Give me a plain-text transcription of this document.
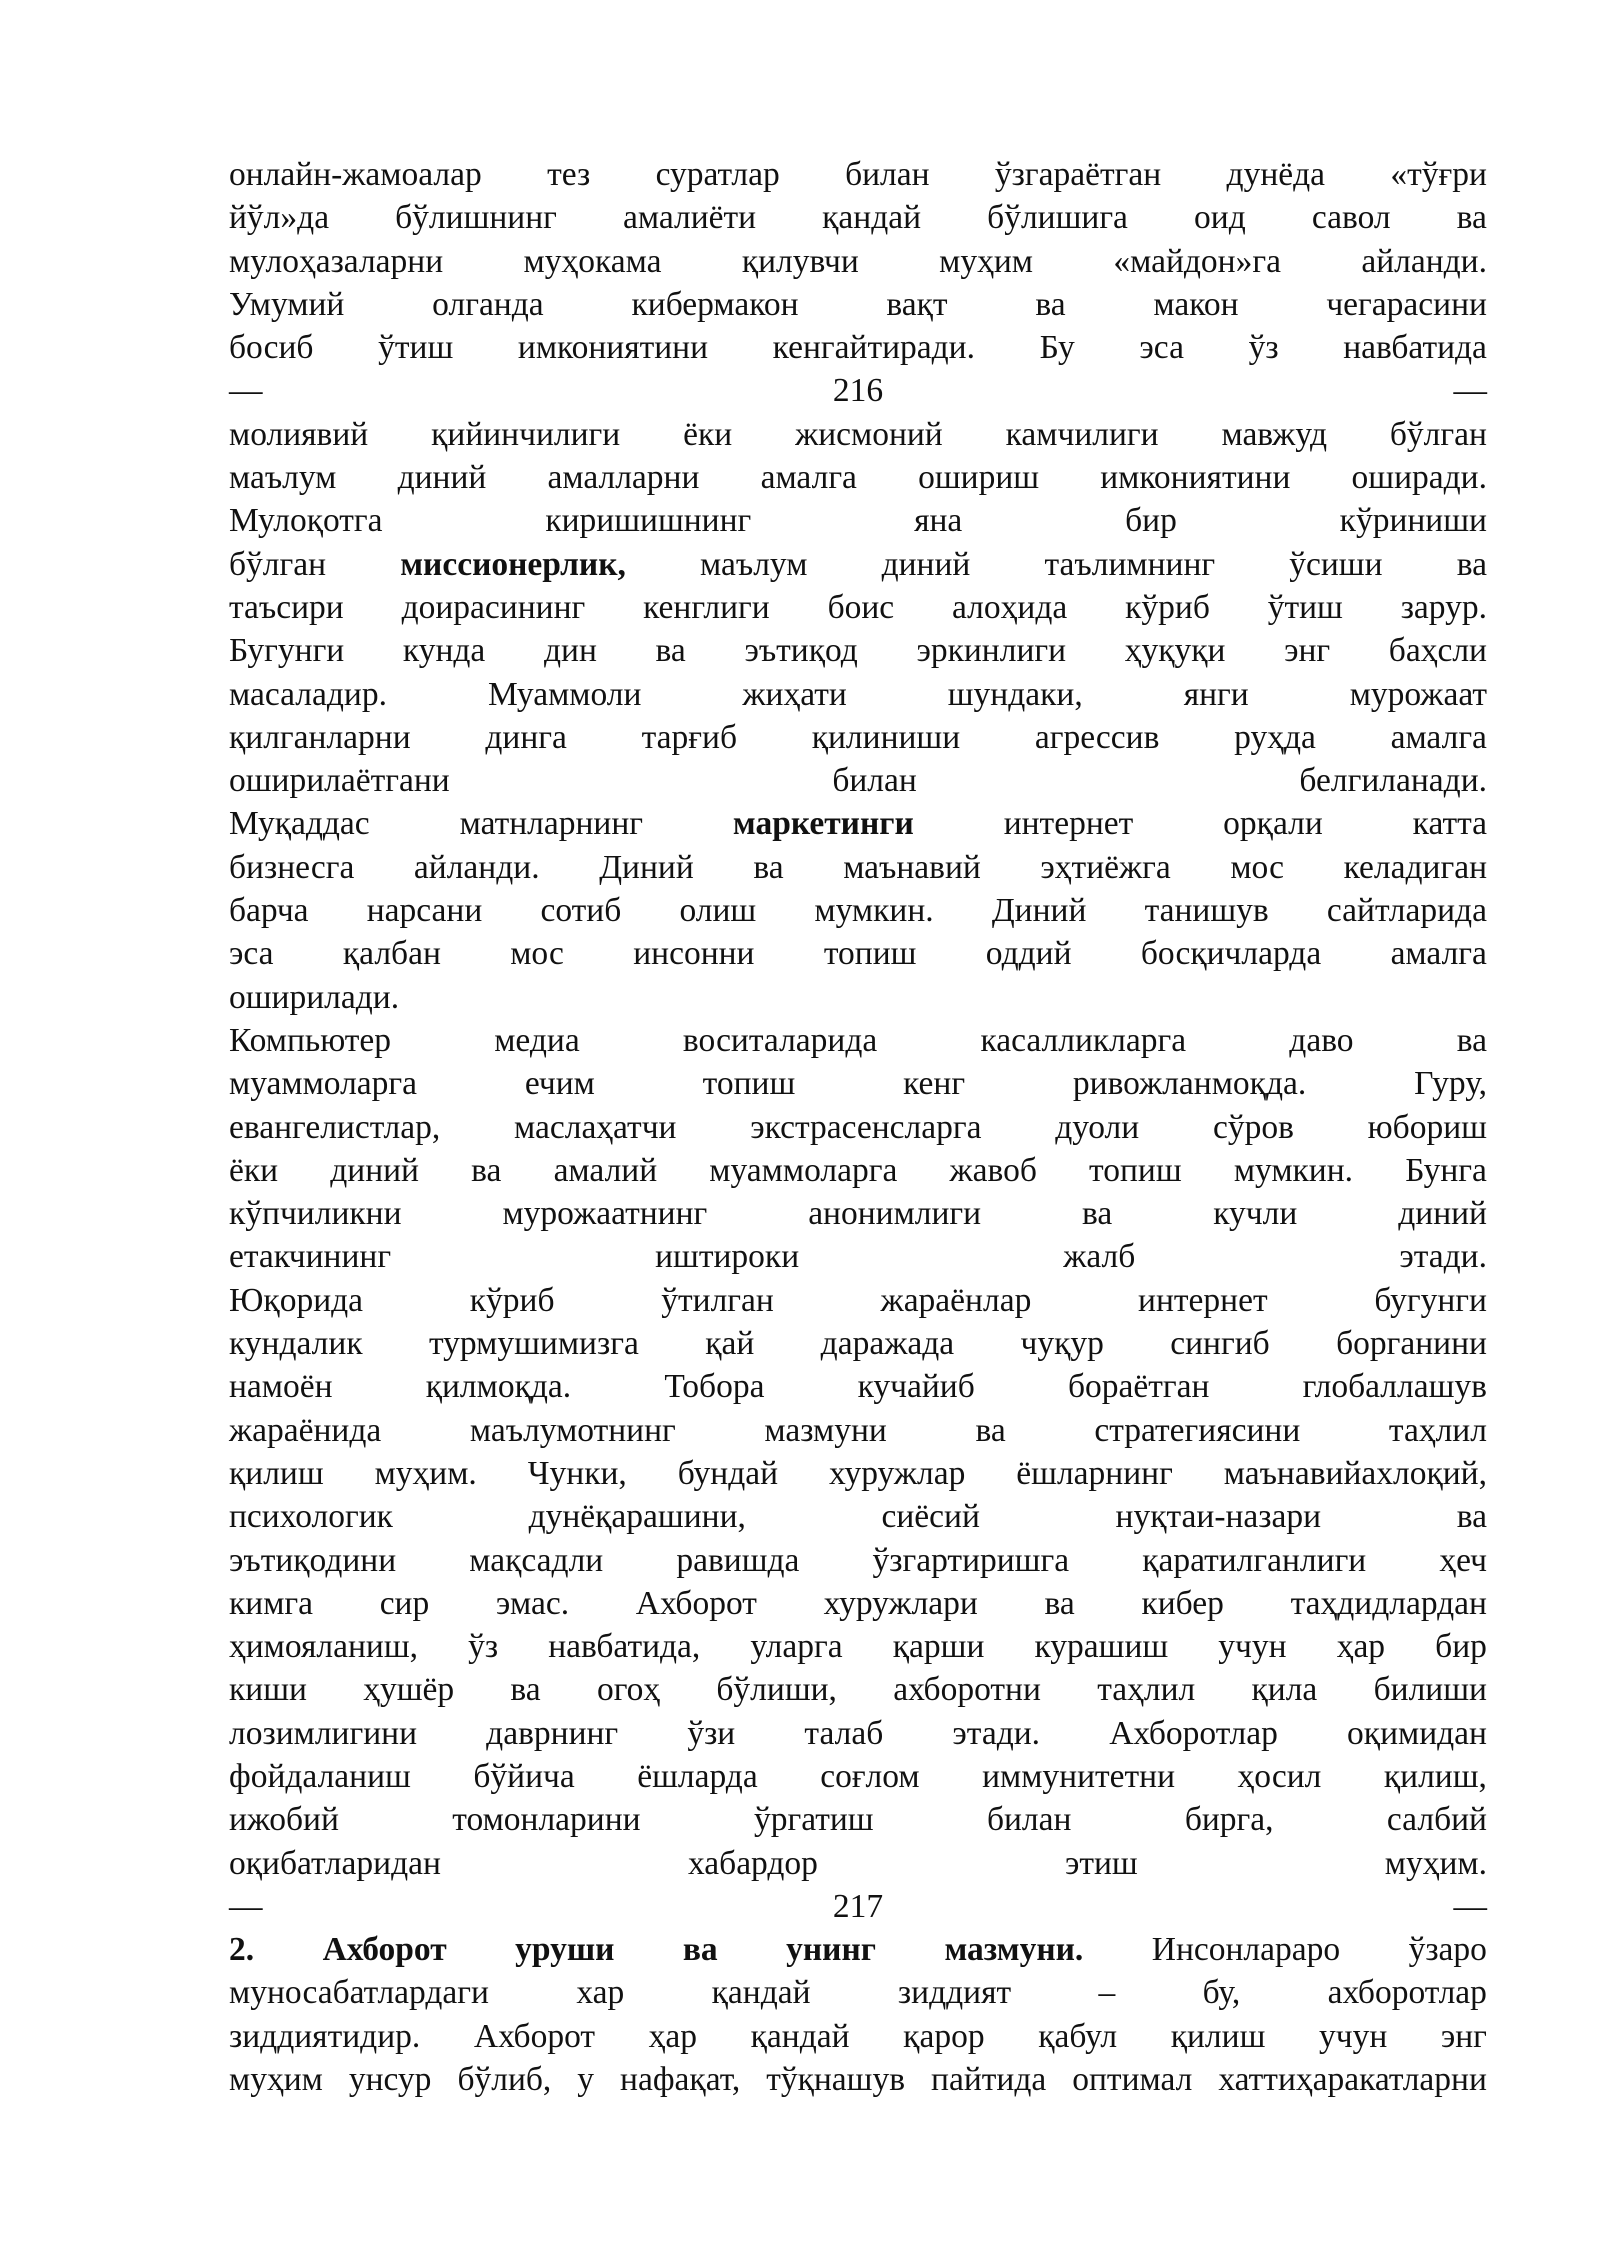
онлайн-жамоалар тез суратлар билан ўзгараётган дунёда «тўғри
йўл»да бўлишнинг амалиёти қандай бўлишига оид савол ва
мулоҳазаларни муҳокама қилувчи муҳим «майдон»га айланди.
Умумий	олганда	кибермакон	вақт	ва	макон	чегарасини
босиб ўтиш имкониятини кенгайтиради. Бу эса ўз навбатида
—	216	—
молиявий қийинчилиги ёки жисмоний камчилиги мавжуд бўлган
маълум диний амалларни амалга ошириш имкониятини оширади.
Мулоқотга	киришишнинг	яна	бир	кўриниши
бўлган миссионерлик, маълум диний таълимнинг ўсиши ва
таъсири доирасининг кенглиги боис алоҳида кўриб ўтиш зарур.
Бугунги кунда дин ва эътиқод эркинлиги ҳуқуқи энг баҳсли
масаладир.	Муаммоли	жиҳати	шундаки,	янги	мурожаат
қилганларни динга тарғиб қилиниши агрессив руҳда амалга
оширилаётгани	билан	белгиланади.
Муқаддас	матнларнинг	маркетинги	интернет	орқали	катта
бизнесга айланди. Диний ва маънавий эҳтиёжга мос келадиган
барча нарсани сотиб олиш мумкин. Диний танишув сайтларида
эса қалбан мос инсонни топиш оддий босқичларда амалга
оширилади.
Компьютер	медиа	воситаларида	касалликларга	даво	ва
муаммоларга	ечим	топиш	кенг	ривожланмоқда.	Гуру,
евангелистлар, маслаҳатчи экстрасенсларга дуоли сўров юбориш
ёки диний ва амалий муаммоларга жавоб топиш мумкин. Бунга
кўпчиликни	мурожаатнинг	анонимлиги	ва	кучли	диний
етакчининг	иштироки	жалб	этади.
Юқорида	кўриб	ўтилган	жараёнлар	интернет	бугунги
кундалик турмушимизга қай даражада чуқур сингиб борганини
намоён	қилмоқда.	Тобора	кучайиб	бораётган	глобаллашув
жараёнида	маълумотнинг	мазмуни	ва	стратегиясини	таҳлил
қилиш муҳим. Чунки, бундай хуружлар ёшларнинг маънавийахлоқий,
психологик	дунёқарашини,	сиёсий	нуқтаи-назари	ва
эътиқодини мақсадли равишда ўзгартиришга қаратилганлиги ҳеч
кимга сир эмас. Ахборот хуружлари ва кибер таҳдидлардан
ҳимояланиш, ўз навбатида, уларга қарши курашиш учун ҳар бир
киши ҳушёр ва огоҳ бўлиши, ахборотни таҳлил қила билиши
лозимлигини даврнинг ўзи талаб этади. Ахборотлар оқимидан
фойдаланиш бўйича ёшларда соғлом иммунитетни ҳосил қилиш,
ижобий	томонларини	ўргатиш	билан	бирга,	салбий
оқибатларидан	хабардор	этиш	муҳим.
—	217	—
2. Ахборот уруши ва унинг мазмуни. Инсонлараро ўзаро
муносабатлардаги	хар	қандай	зиддият	–	бу,	ахборотлар
зиддиятидир. Ахборот ҳар қандай қарор қабул қилиш учун энг
муҳим унсур бўлиб, у нафақат, тўқнашув пайтида оптимал хаттиҳаракатларни
